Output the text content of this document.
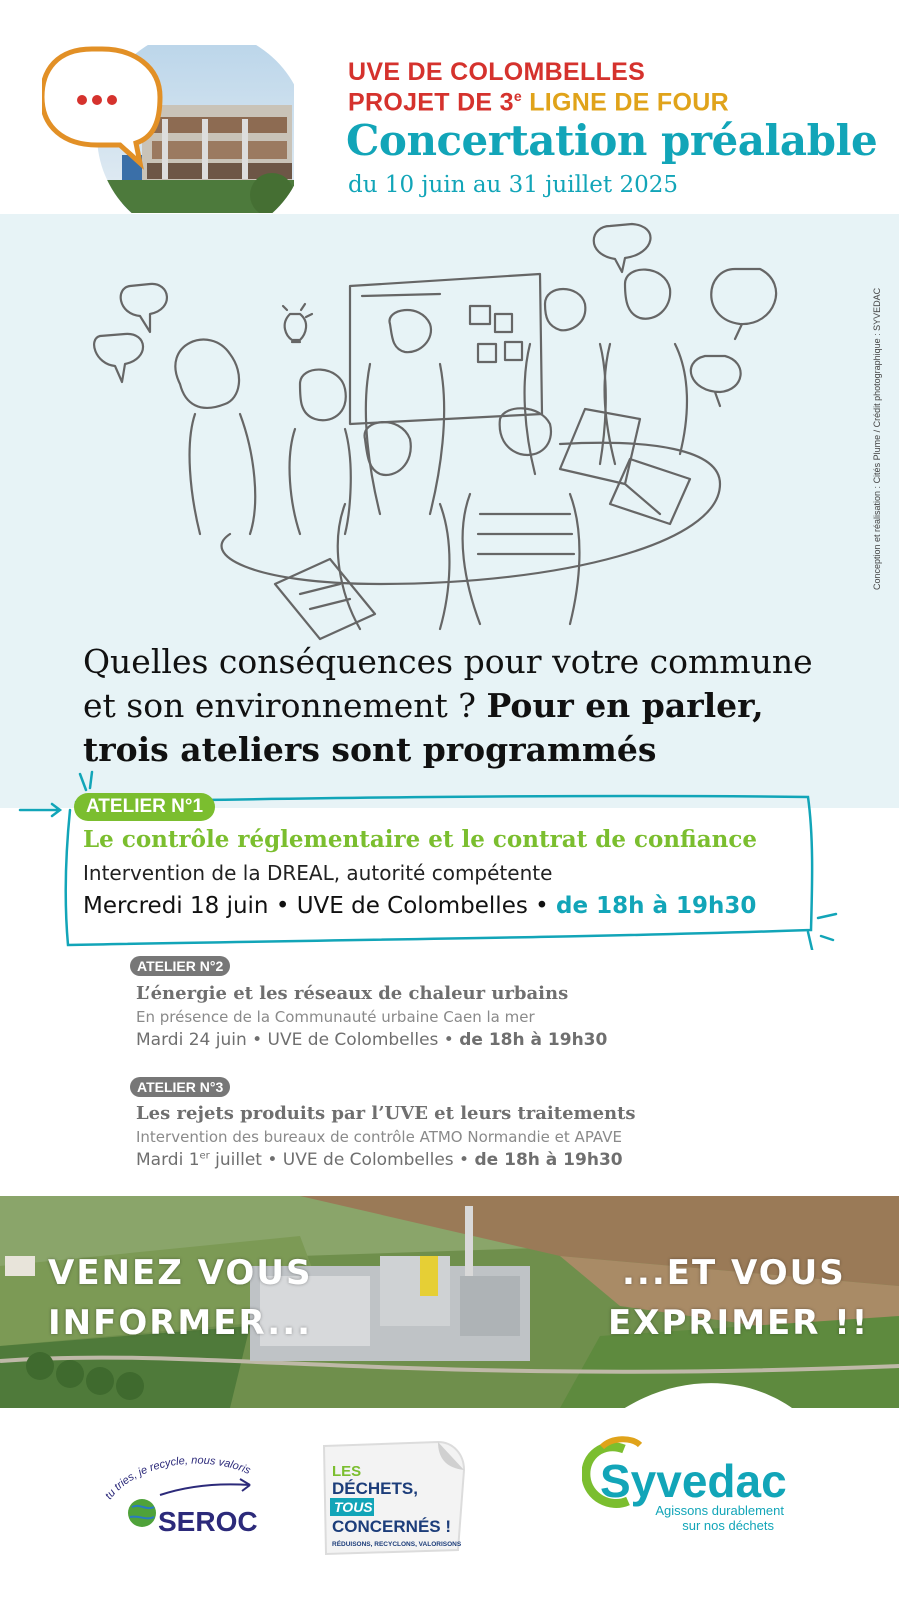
UVE DE COLOMBELLES
PROJET DE 3e LIGNE DE FOUR
Concertation préalable
du 10 juin au 31 juillet 2025
Conception et réalisation : Cités Plume / Crédit photographique : SYVEDAC
Quelles conséquences pour votre commune et son environnement ? Pour en parler, trois ateliers sont programmés
ATELIER N°1
Le contrôle réglementaire et le contrat de confiance
Intervention de la DREAL, autorité compétente
Mercredi 18 juin • UVE de Colombelles • de 18h à 19h30
ATELIER N°2
L’énergie et les réseaux de chaleur urbains
En présence de la Communauté urbaine Caen la mer
Mardi 24 juin • UVE de Colombelles • de 18h à 19h30
ATELIER N°3
Les rejets produits par l’UVE et leurs traitements
Intervention des bureaux de contrôle ATMO Normandie et APAVE
Mardi 1er juillet • UVE de Colombelles • de 18h à 19h30
VENEZ VOUS
INFORMER...
...ET VOUS
EXPRIMER !!
tu tries, je recycle, nous valoris
SEROC
LES
DÉCHETS,
TOUS
CONCERNÉS !
RÉDUISONS, RECYCLONS, VALORISONS
Syvedac
Agissons durablement
sur nos déchets
